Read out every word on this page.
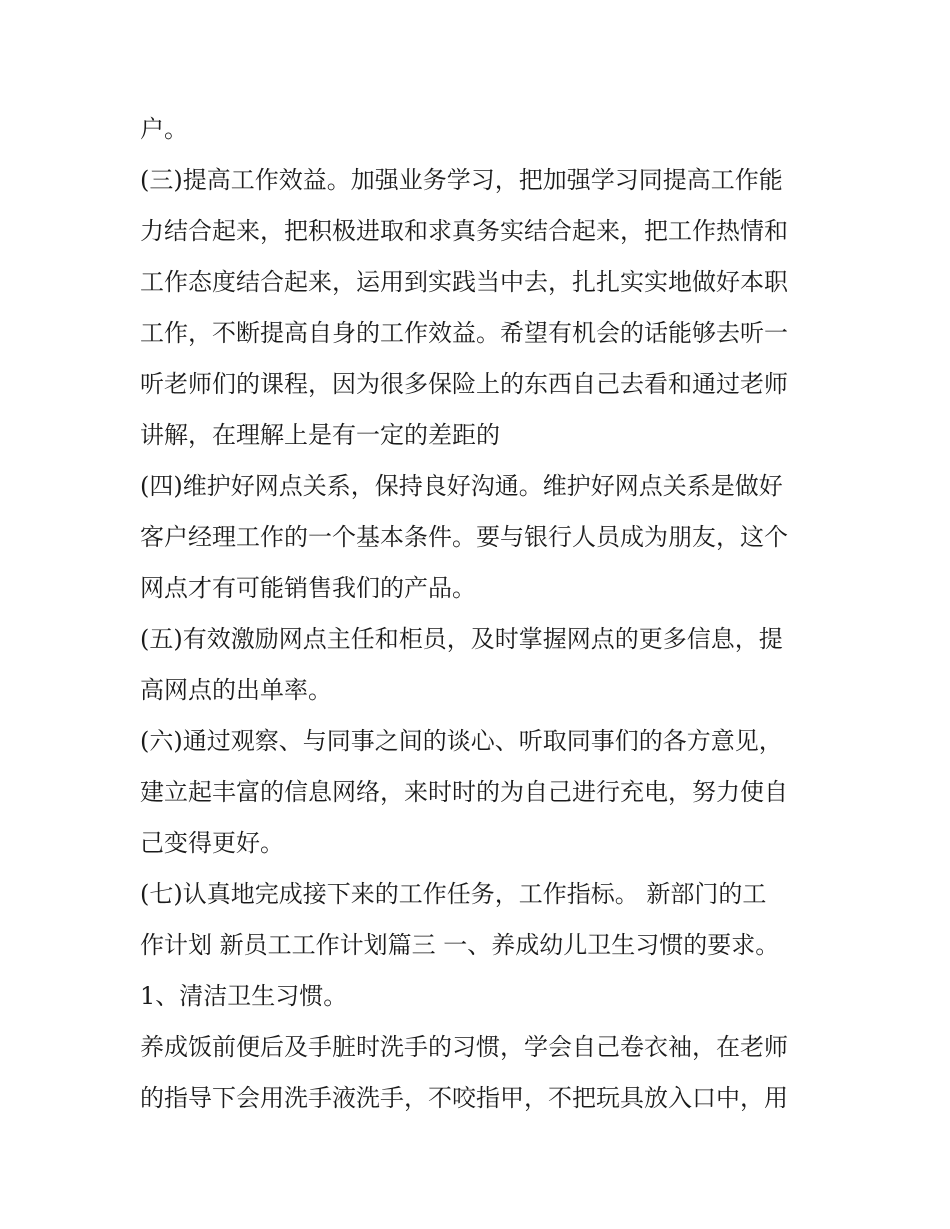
户。
(三)提高工作效益。加强业务学习，把加强学习同提高工作能
力结合起来，把积极进取和求真务实结合起来，把工作热情和
工作态度结合起来，运用到实践当中去，扎扎实实地做好本职
工作，不断提高自身的工作效益。希望有机会的话能够去听一
听老师们的课程，因为很多保险上的东西自己去看和通过老师
讲解，在理解上是有一定的差距的
(四)维护好网点关系，保持良好沟通。维护好网点关系是做好
客户经理工作的一个基本条件。要与银行人员成为朋友，这个
网点才有可能销售我们的产品。
(五)有效激励网点主任和柜员，及时掌握网点的更多信息，提
高网点的出单率。
(六)通过观察、与同事之间的谈心、听取同事们的各方意见，
建立起丰富的信息网络，来时时的为自己进行充电，努力使自
己变得更好。
(七)认真地完成接下来的工作任务，工作指标。 新部门的工
作计划 新员工工作计划篇三 一、养成幼儿卫生习惯的要求。
1、清洁卫生习惯。
养成饭前便后及手脏时洗手的习惯，学会自己卷衣袖，在老师
的指导下会用洗手液洗手，不咬指甲，不把玩具放入口中，用
